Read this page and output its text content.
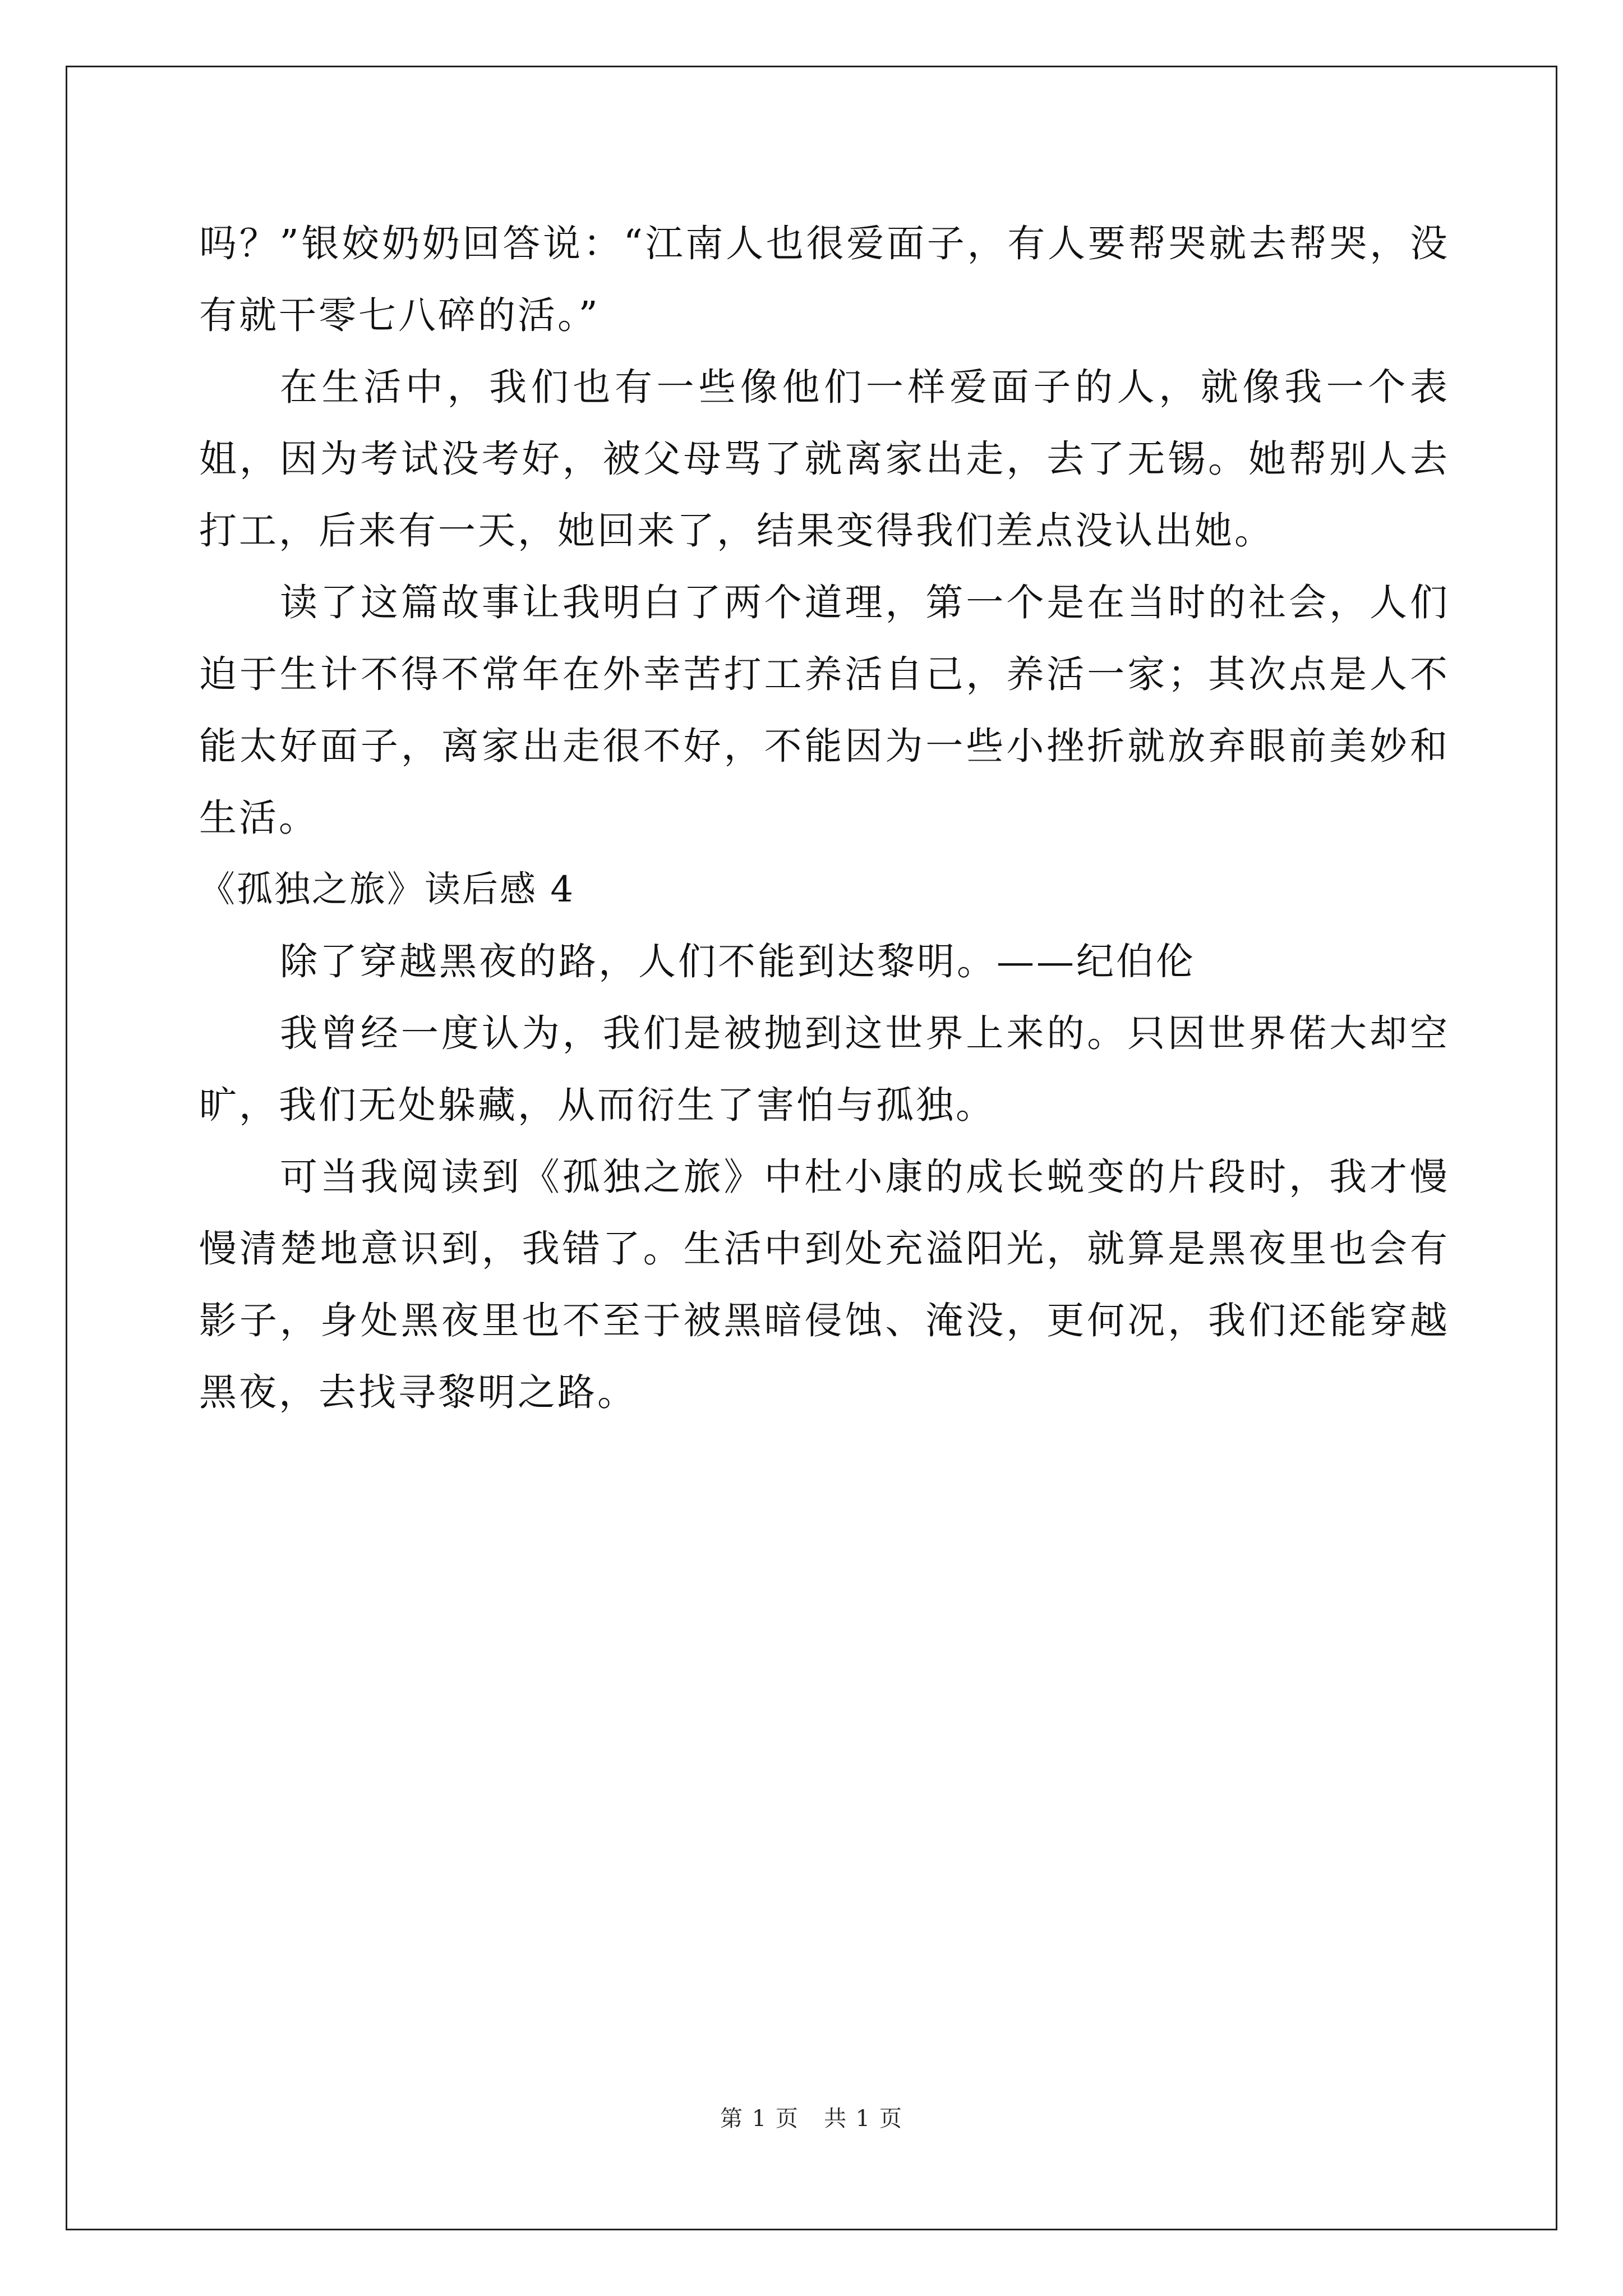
吗？”银姣奶奶回答说：“江南人也很爱面子，有人要帮哭就去帮哭，没有就干零七八碎的活。”

在生活中，我们也有一些像他们一样爱面子的人，就像我一个表姐，因为考试没考好，被父母骂了就离家出走，去了无锡。她帮别人去打工，后来有一天，她回来了，结果变得我们差点没认出她。

读了这篇故事让我明白了两个道理，第一个是在当时的社会，人们迫于生计不得不常年在外幸苦打工养活自己，养活一家；其次点是人不能太好面子，离家出走很不好，不能因为一些小挫折就放弃眼前美妙和生活。

《孤独之旅》读后感 4

除了穿越黑夜的路，人们不能到达黎明。——纪伯伦

我曾经一度认为，我们是被抛到这世界上来的。只因世界偌大却空旷，我们无处躲藏，从而衍生了害怕与孤独。

可当我阅读到《孤独之旅》中杜小康的成长蜕变的片段时，我才慢慢清楚地意识到，我错了。生活中到处充溢阳光，就算是黑夜里也会有影子，身处黑夜里也不至于被黑暗侵蚀、淹没，更何况，我们还能穿越黑夜，去找寻黎明之路。

第 1 页 共 1 页
